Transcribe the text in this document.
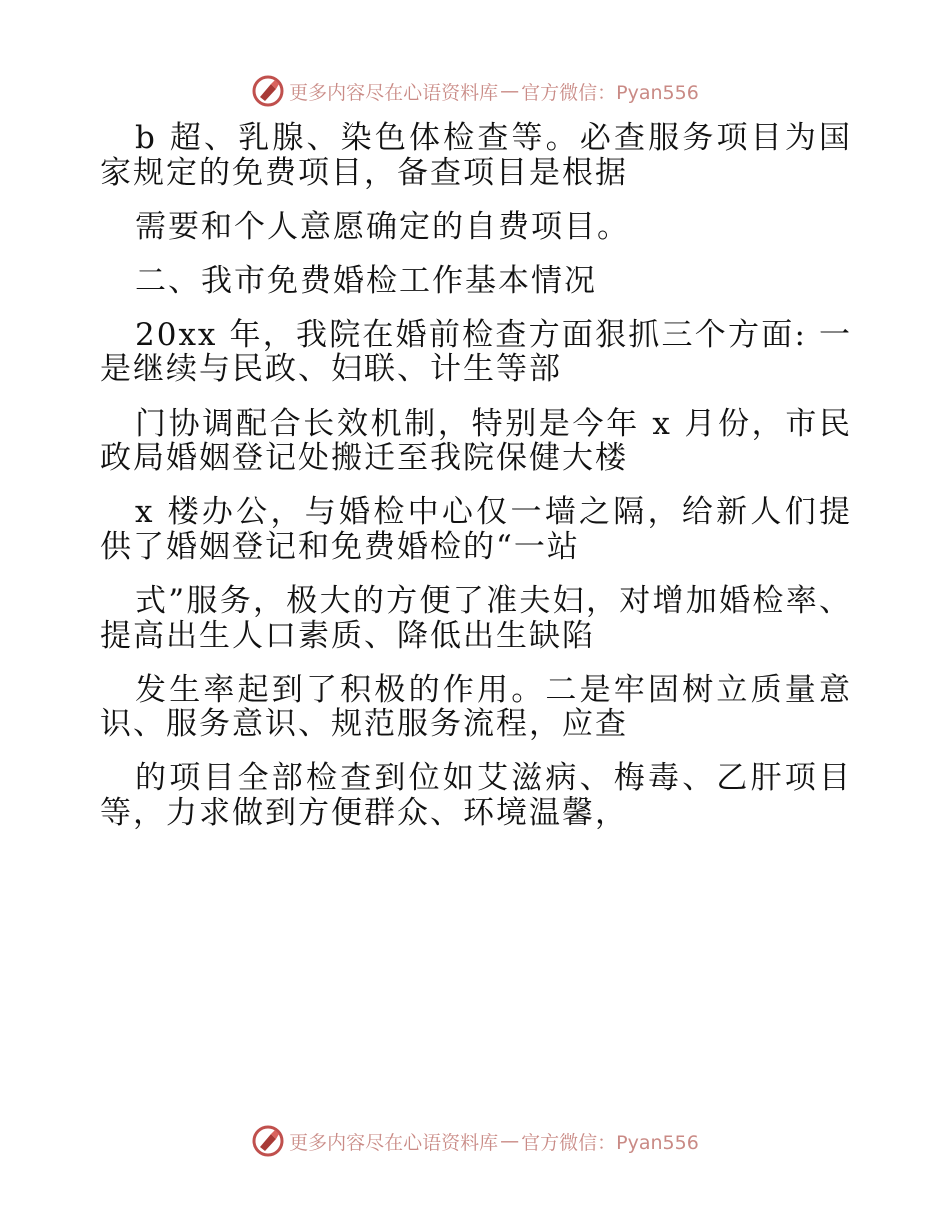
更多内容尽在心语资料库 — 官方微信：Pyan556

b 超、乳腺、染色体检查等。必查服务项目为国家规定的免费项目，备查项目是根据

需要和个人意愿确定的自费项目。

二、我市免费婚检工作基本情况

20xx 年，我院在婚前检查方面狠抓三个方面: 一是继续与民政、妇联、计生等部

门协调配合长效机制，特别是今年 x 月份，市民政局婚姻登记处搬迁至我院保健大楼

x 楼办公，与婚检中心仅一墙之隔，给新人们提供了婚姻登记和免费婚检的“一站

式”服务，极大的方便了准夫妇，对增加婚检率、提高出生人口素质、降低出生缺陷

发生率起到了积极的作用。二是牢固树立质量意识、服务意识、规范服务流程，应查

的项目全部检查到位如艾滋病、梅毒、乙肝项目等，力求做到方便群众、环境温馨，

更多内容尽在心语资料库 — 官方微信：Pyan556
